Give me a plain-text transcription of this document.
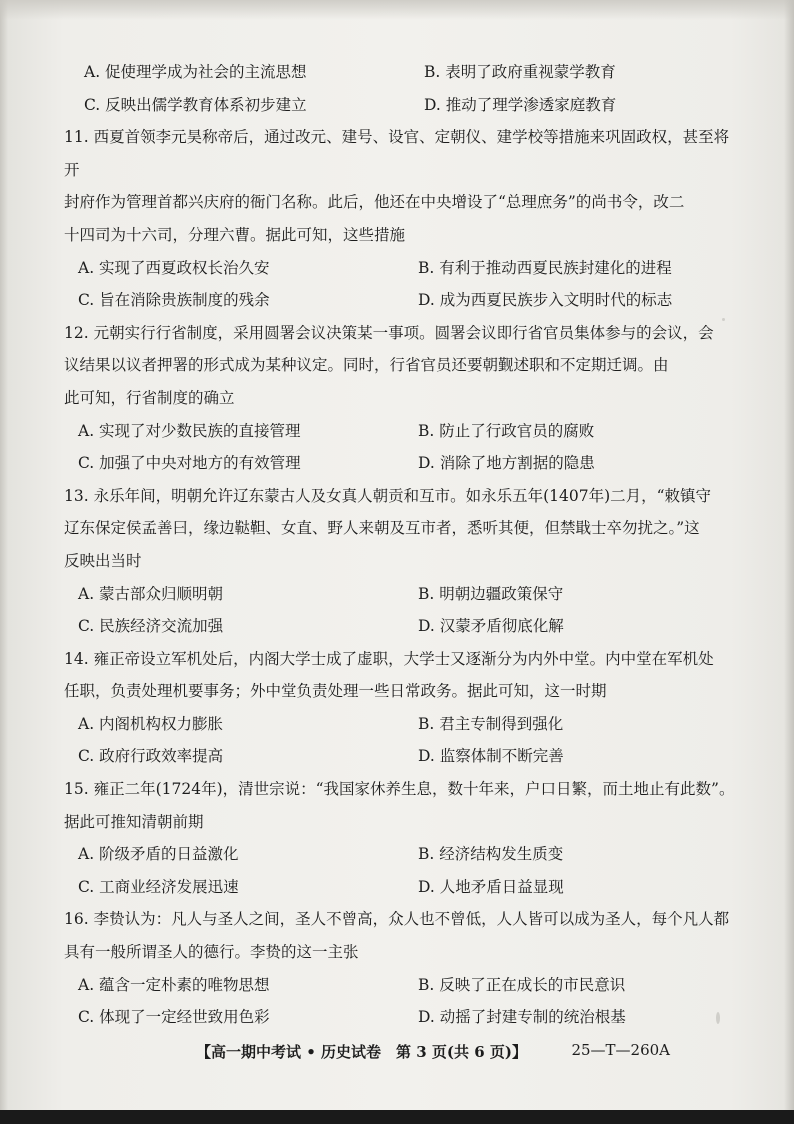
A. 促使理学成为社会的主流思想	B. 表明了政府重视蒙学教育
C. 反映出儒学教育体系初步建立	D. 推动了理学渗透家庭教育
11. 西夏首领李元昊称帝后，通过改元、建号、设官、定朝仪、建学校等措施来巩固政权，甚至将开
封府作为管理首都兴庆府的衙门名称。此后，他还在中央增设了“总理庶务”的尚书令，改二
十四司为十六司，分理六曹。据此可知，这些措施
A. 实现了西夏政权长治久安	B. 有利于推动西夏民族封建化的进程
C. 旨在消除贵族制度的残余	D. 成为西夏民族步入文明时代的标志
12. 元朝实行行省制度，采用圆署会议决策某一事项。圆署会议即行省官员集体参与的会议，会
议结果以议者押署的形式成为某种议定。同时，行省官员还要朝觐述职和不定期迁调。由
此可知，行省制度的确立
A. 实现了对少数民族的直接管理	B. 防止了行政官员的腐败
C. 加强了中央对地方的有效管理	D. 消除了地方割据的隐患
13. 永乐年间，明朝允许辽东蒙古人及女真人朝贡和互市。如永乐五年(1407年)二月，“敕镇守
辽东保定侯孟善曰，缘边鞑靼、女直、野人来朝及互市者，悉听其便，但禁戢士卒勿扰之。”这
反映出当时
A. 蒙古部众归顺明朝	B. 明朝边疆政策保守
C. 民族经济交流加强	D. 汉蒙矛盾彻底化解
14. 雍正帝设立军机处后，内阁大学士成了虚职，大学士又逐渐分为内外中堂。内中堂在军机处
任职，负责处理机要事务；外中堂负责处理一些日常政务。据此可知，这一时期
A. 内阁机构权力膨胀	B. 君主专制得到强化
C. 政府行政效率提高	D. 监察体制不断完善
15. 雍正二年(1724年)，清世宗说：“我国家休养生息，数十年来，户口日繁，而土地止有此数”。
据此可推知清朝前期
A. 阶级矛盾的日益激化	B. 经济结构发生质变
C. 工商业经济发展迅速	D. 人地矛盾日益显现
16. 李贽认为：凡人与圣人之间，圣人不曾高，众人也不曾低，人人皆可以成为圣人，每个凡人都
具有一般所谓圣人的德行。李贽的这一主张
A. 蕴含一定朴素的唯物思想	B. 反映了正在成长的市民意识
C. 体现了一定经世致用色彩	D. 动摇了封建专制的统治根基
【高一期中考试 • 历史试卷　第 3 页(共 6 页)】	25—T—260A
